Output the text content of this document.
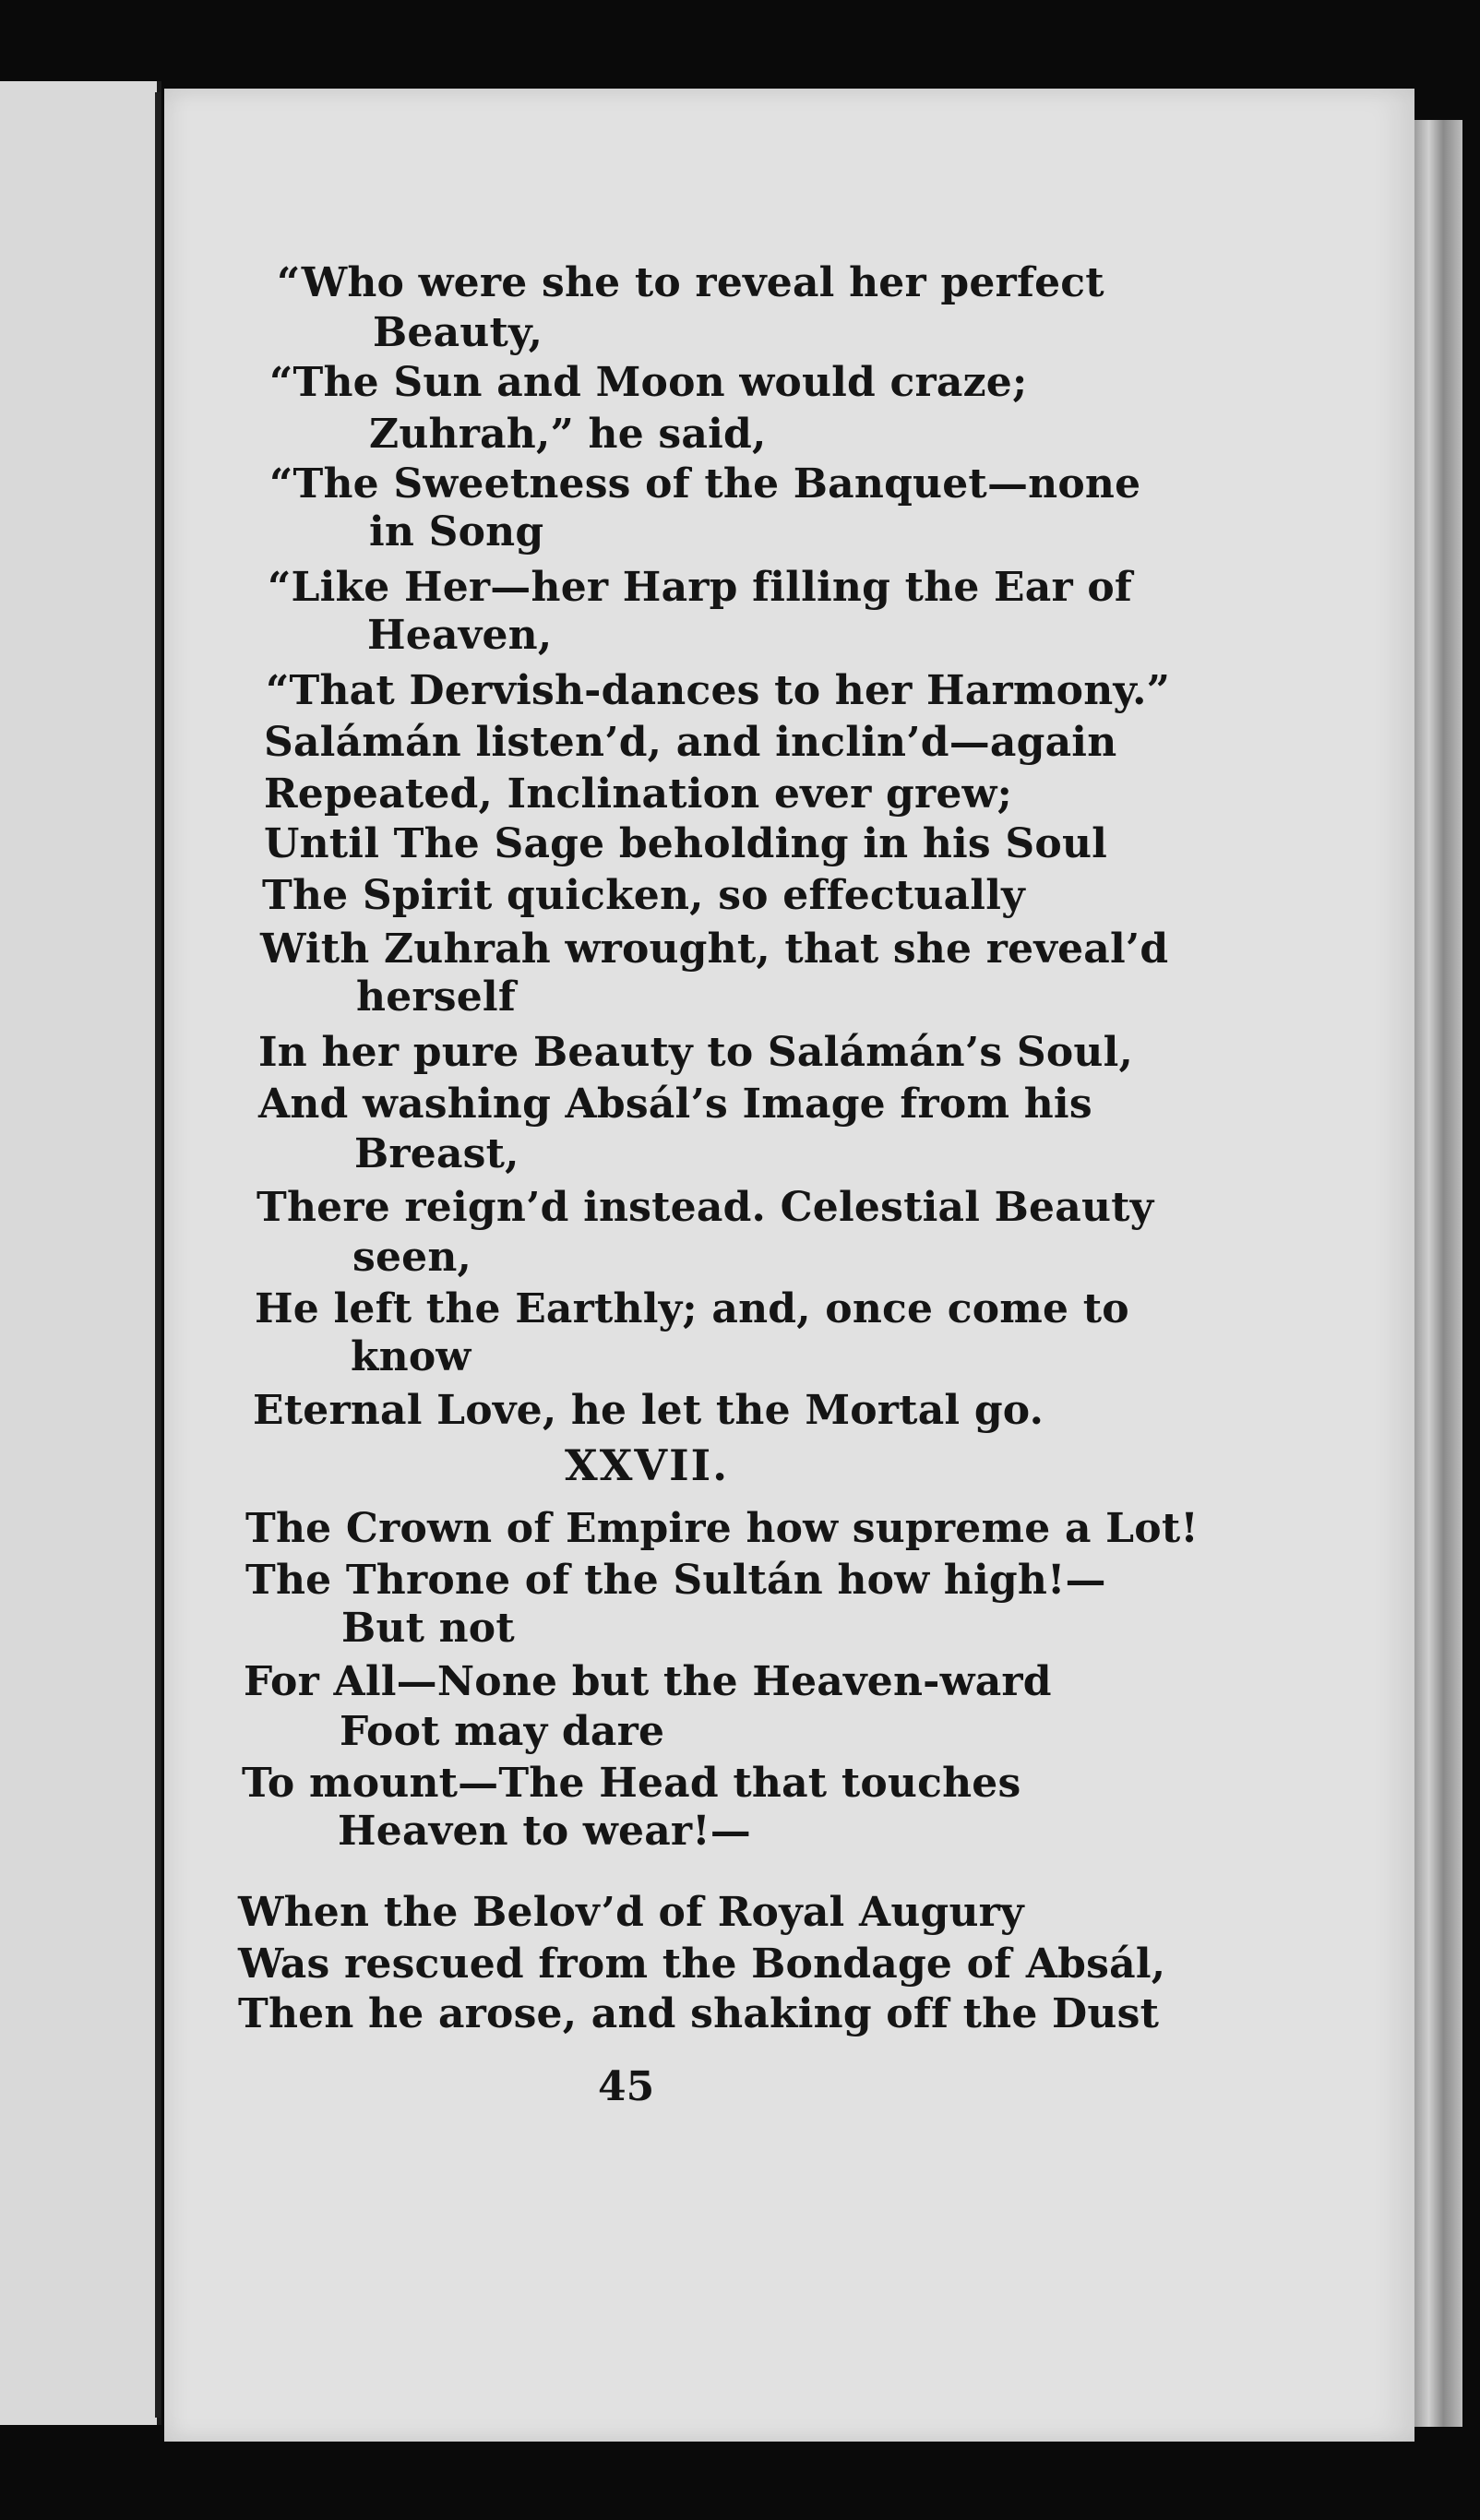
“Who were she to reveal her perfect
Beauty,
“The Sun and Moon would craze;
Zuhrah,” he said,
“The Sweetness of the Banquet—none
in Song
“Like Her—her Harp filling the Ear of
Heaven,
“That Dervish-dances to her Harmony.”
Salámán listen’d, and inclin’d—again
Repeated, Inclination ever grew;
Until The Sage beholding in his Soul
The Spirit quicken, so effectually
With Zuhrah wrought, that she reveal’d
herself
In her pure Beauty to Salámán’s Soul,
And washing Absál’s Image from his
Breast,
There reign’d instead. Celestial Beauty
seen,
He left the Earthly; and, once come to
know
Eternal Love, he let the Mortal go.
XXVII.
The Crown of Empire how supreme a Lot!
The Throne of the Sultán how high!—
But not
For All—None but the Heaven-ward
Foot may dare
To mount—The Head that touches
Heaven to wear!—
When the Belov’d of Royal Augury
Was rescued from the Bondage of Absál,
Then he arose, and shaking off the Dust
45
